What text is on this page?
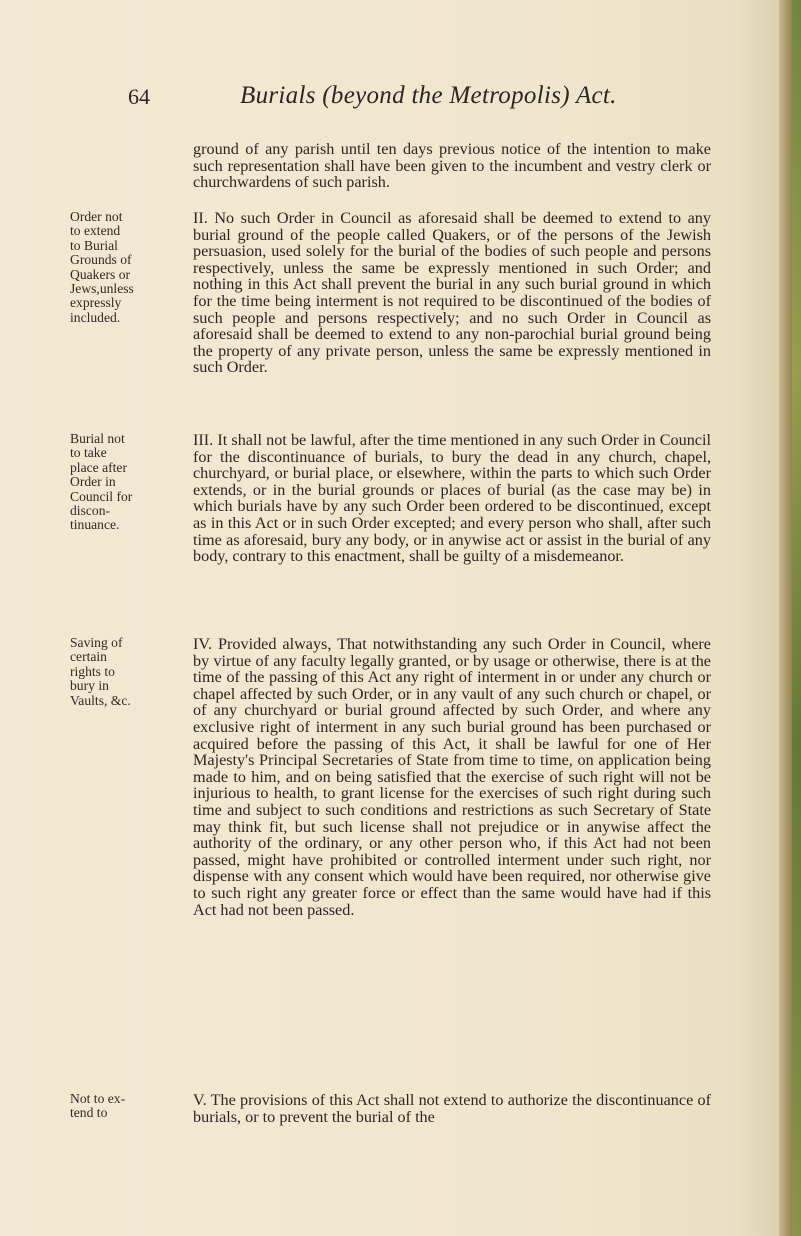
64	Burials (beyond the Metropolis) Act.

ground of any parish until ten days previous notice of the intention to make such representation shall have been given to the incumbent and vestry clerk or churchwardens of such parish.

Order not
to extend
to Burial
Grounds of
Quakers or
Jews,unless
expressly
included.

II. No such Order in Council as aforesaid shall be deemed to extend to any burial ground of the people called Quakers, or of the persons of the Jewish persuasion, used solely for the burial of the bodies of such people and persons respectively, unless the same be expressly mentioned in such Order; and nothing in this Act shall prevent the burial in any such burial ground in which for the time being interment is not required to be discontinued of the bodies of such people and persons respectively; and no such Order in Council as aforesaid shall be deemed to extend to any non-parochial burial ground being the property of any private person, unless the same be expressly mentioned in such Order.

Burial not
to take
place after
Order in
Council for
discon-
tinuance.

III. It shall not be lawful, after the time mentioned in any such Order in Council for the discontinuance of burials, to bury the dead in any church, chapel, churchyard, or burial place, or elsewhere, within the parts to which such Order extends, or in the burial grounds or places of burial (as the case may be) in which burials have by any such Order been ordered to be discontinued, except as in this Act or in such Order excepted; and every person who shall, after such time as aforesaid, bury any body, or in anywise act or assist in the burial of any body, contrary to this enactment, shall be guilty of a misdemeanor.

Saving of
certain
rights to
bury in
Vaults, &c.

IV. Provided always, That notwithstanding any such Order in Council, where by virtue of any faculty legally granted, or by usage or otherwise, there is at the time of the passing of this Act any right of interment in or under any church or chapel affected by such Order, or in any vault of any such church or chapel, or of any churchyard or burial ground affected by such Order, and where any exclusive right of interment in any such burial ground has been purchased or acquired before the passing of this Act, it shall be lawful for one of Her Majesty's Principal Secretaries of State from time to time, on application being made to him, and on being satisfied that the exercise of such right will not be injurious to health, to grant license for the exercises of such right during such time and subject to such conditions and restrictions as such Secretary of State may think fit, but such license shall not prejudice or in anywise affect the authority of the ordinary, or any other person who, if this Act had not been passed, might have prohibited or controlled interment under such right, nor dispense with any consent which would have been required, nor otherwise give to such right any greater force or effect than the same would have had if this Act had not been passed.

Not to ex-
tend to

V. The provisions of this Act shall not extend to authorize the discontinuance of burials, or to prevent the burial of the
